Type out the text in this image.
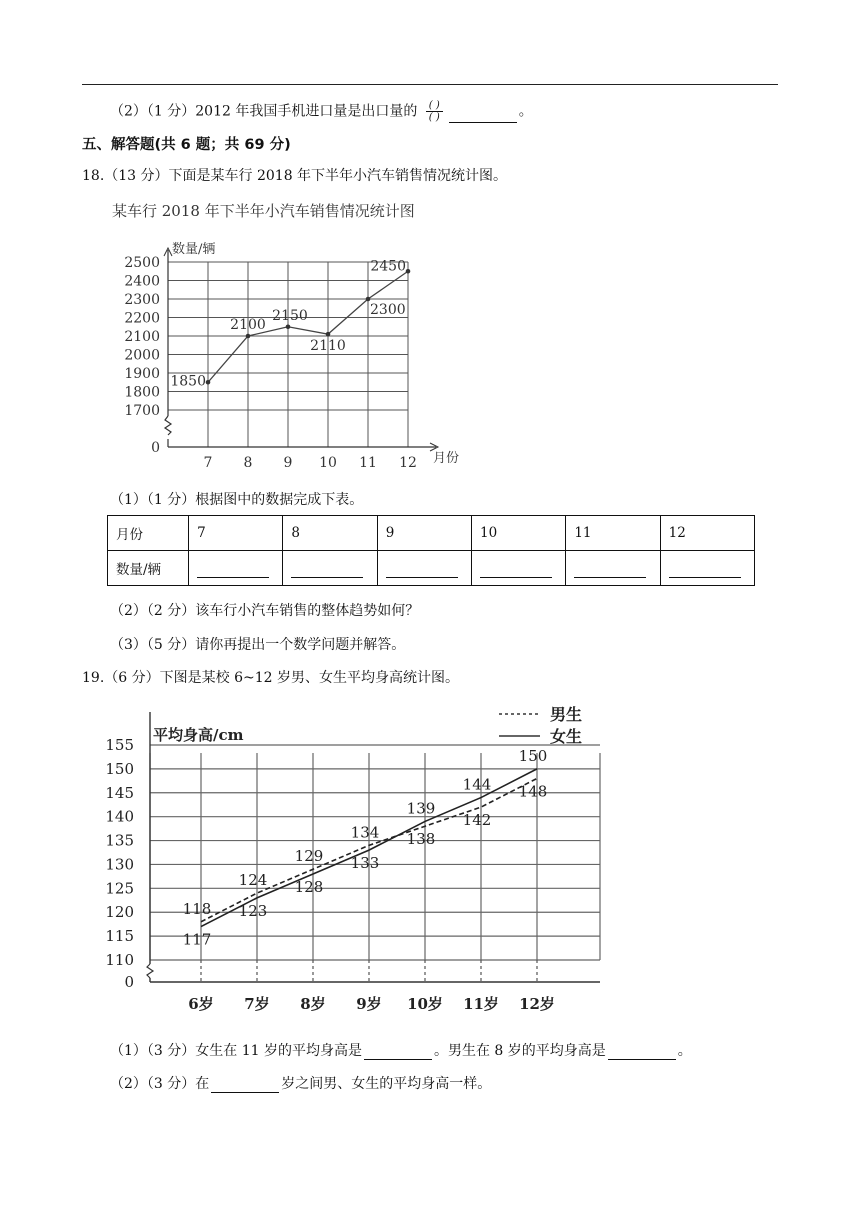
（2）（1 分）2012 年我国手机进口量是出口量的 $\frac{( )}{( )}$	。
五、解答题(共 6 题；共 69 分)
18.（13 分）下面是某车行 2018 年下半年小汽车销售情况统计图。
某车行 2018 年下半年小汽车销售情况统计图
数量/辆
月份
0
1700
1800
1900
2000
2100
2200
2300
2400
2500
7 8 9 10 11 12
1850
2100
2150
2110
2300
2450
（1）（1 分）根据图中的数据完成下表。
月份	7	8	9	10	11	12
数量/辆	

（2）（2 分）该车行小汽车销售的整体趋势如何？
（3）（5 分）请你再提出一个数学问题并解答。
19.（6 分）下图是某校 6~12 岁男、女生平均身高统计图。
平均身高/cm
男生
女生
0
110
115
120
125
130
135
140
145
150
155
6岁 7岁 8岁 9岁 10岁 11岁 12岁
118
124
129
134 138
142
148
117
123
128
133
139
144
150
（1）（3 分）女生在 11 岁的平均身高是	。男生在 8 岁的平均身高是	。
（2）（3 分）在	岁之间男、女生的平均身高一样。
